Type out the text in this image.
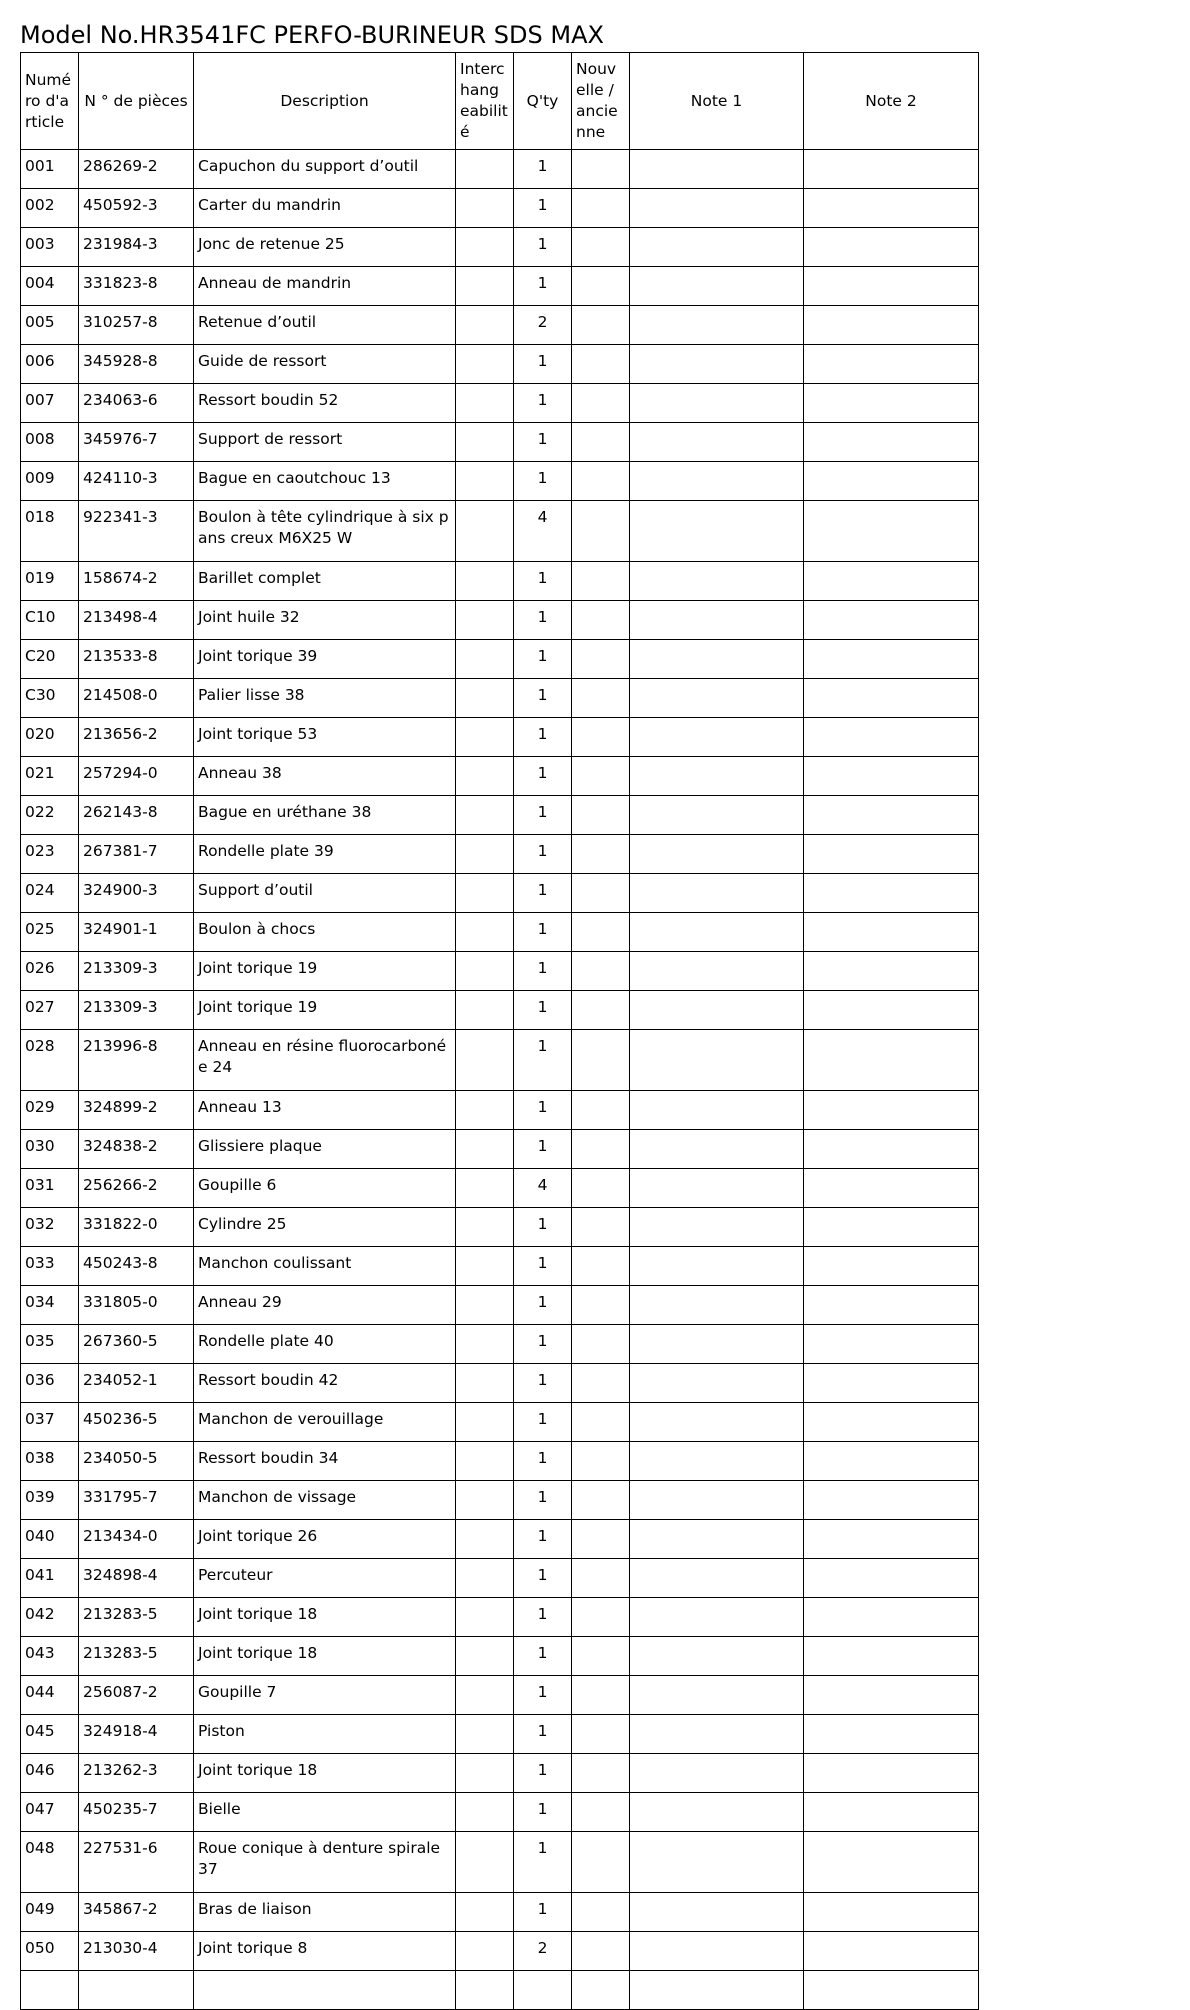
Model No.HR3541FC PERFO-BURINEUR SDS MAX
Numé ro d'a rticle	N ° de pièces	Description	Interc hang eabilit é	Q'ty	Nouv elle / ancie nne	Note 1	Note 2
001	286269-2	Capuchon du support d’outil		1			
002	450592-3	Carter du mandrin		1			
003	231984-3	Jonc de retenue 25		1			
004	331823-8	Anneau de mandrin		1			
005	310257-8	Retenue d’outil		2			
006	345928-8	Guide de ressort		1			
007	234063-6	Ressort boudin 52		1			
008	345976-7	Support de ressort		1			
009	424110-3	Bague en caoutchouc 13		1			
018	922341-3	Boulon à tête cylindrique à six pans creux M6X25 W		4			
019	158674-2	Barillet complet		1			
C10	213498-4	Joint huile 32		1			
C20	213533-8	Joint torique 39		1			
C30	214508-0	Palier lisse 38		1			
020	213656-2	Joint torique 53		1			
021	257294-0	Anneau 38		1			
022	262143-8	Bague en uréthane 38		1			
023	267381-7	Rondelle plate 39		1			
024	324900-3	Support d’outil		1			
025	324901-1	Boulon à chocs		1			
026	213309-3	Joint torique 19		1			
027	213309-3	Joint torique 19		1			
028	213996-8	Anneau en résine fluorocarbonée 24		1			
029	324899-2	Anneau 13		1			
030	324838-2	Glissiere plaque		1			
031	256266-2	Goupille 6		4			
032	331822-0	Cylindre 25		1			
033	450243-8	Manchon coulissant		1			
034	331805-0	Anneau 29		1			
035	267360-5	Rondelle plate 40		1			
036	234052-1	Ressort boudin 42		1			
037	450236-5	Manchon de verouillage		1			
038	234050-5	Ressort boudin 34		1			
039	331795-7	Manchon de vissage		1			
040	213434-0	Joint torique 26		1			
041	324898-4	Percuteur		1			
042	213283-5	Joint torique 18		1			
043	213283-5	Joint torique 18		1			
044	256087-2	Goupille 7		1			
045	324918-4	Piston		1			
046	213262-3	Joint torique 18		1			
047	450235-7	Bielle		1			
048	227531-6	Roue conique à denture spirale 37		1			
049	345867-2	Bras de liaison		1			
050	213030-4	Joint torique 8		2			
